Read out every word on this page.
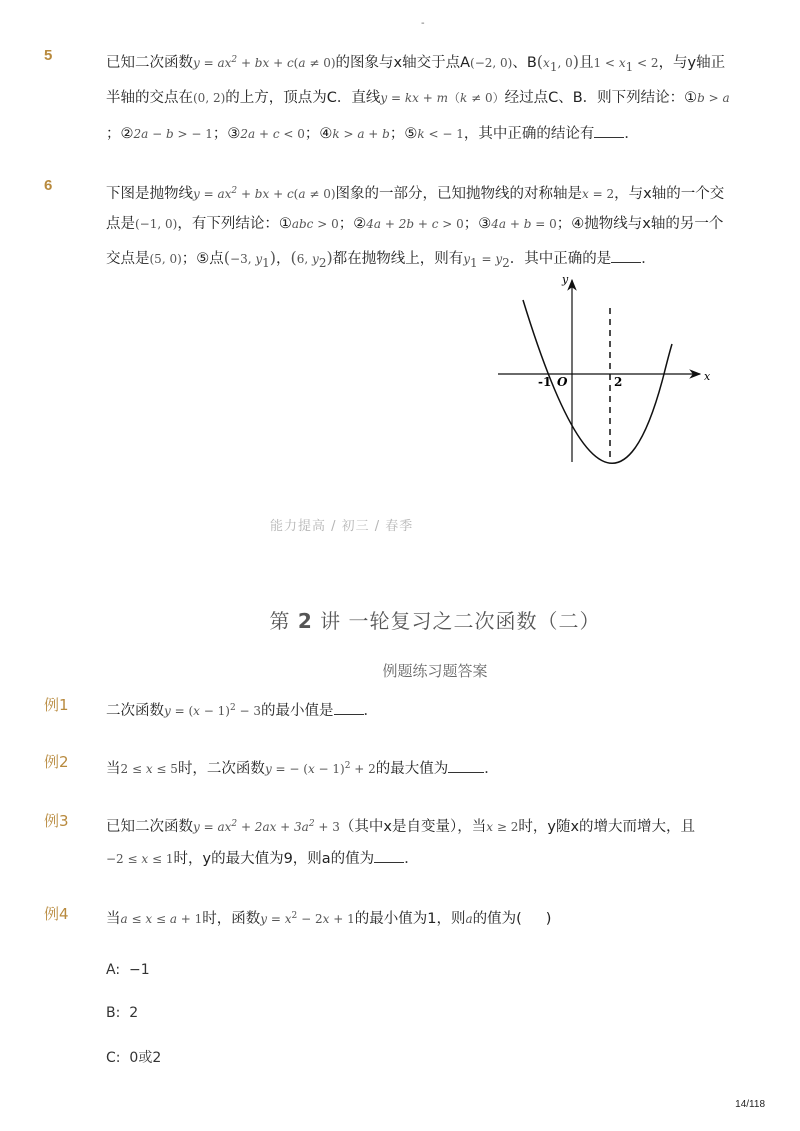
-
5	已知二次函数$y = ax^2$ + bx + c(a ≠ 0)的图象与x轴交于点A(−2, 0)、$B(x_1$, 0)且$1 < x_1 < 2$，与y轴正
半轴的交点在(0, 2)的上方，顶点为C．直线y = kx + m（k ≠ 0）经过点C、B．则下列结论：①b > a
；②2a − b > − 1；③2a + c < 0；④k > a + b；⑤k < − 1，其中正确的结论有 ．
6	下图是抛物线$y = ax^2$ + bx + c(a ≠ 0)图象的一部分，已知抛物线的对称轴是x = 2，与x轴的一个交
点是(−1, 0)，有下列结论：①abc > 0；②4a + 2b + c > 0；③4a + b = 0；④抛物线与x轴的另一个
交点是(5, 0)；⑤点(−3, $y_1$)，(6, $y_2$)都在抛物线上，则有$y_1 = y_2$．其中正确的是 ．
y
x
-1 O	2
能力提高 / 初三 / 春季
第 2 讲 一轮复习之二次函数（二）
例题练习题答案
例1	二次函数$y = (x - 1)^2 - 3$的最小值是 ．
例2	当2 ≤ x ≤ 5时，二次函数y = − $(x - 1)^2 + 2$的最大值为 ．
例3	已知二次函数$y = ax^2 + 2ax + 3a^2 + 3$（其中x是自变量），当x ≥ 2时，y随x的增大而增大，且
−2 ≤ x ≤ 1时，y的最大值为9，则a的值为 ．
例4	当a ≤ x ≤ a + 1时，函数$y = x^2 - 2x + 1$的最小值为1，则a的值为( )
A: −1
B: 2
C: 0或2
14/118
